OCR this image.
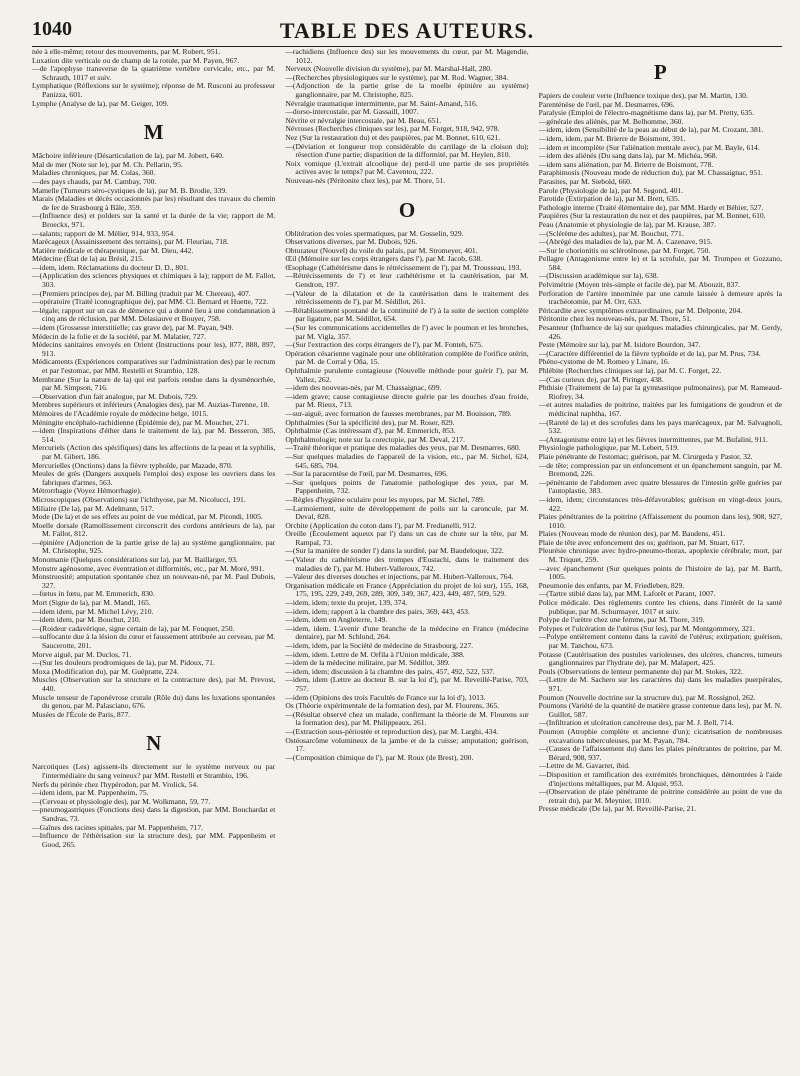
1040	TABLE DES AUTEURS.

née à elle-même; retour des mouvements, par M. Robert, 951.

Luxation dite verticale ou de champ de la rotule, par M. Payen, 967.

—de l'apophyse transverse de la quatrième vertèbre cervicale, etc., par M. Schrauth, 1017 et suiv.

Lymphatique (Réflexions sur le système); réponse de M. Rusconi au professeur Panizza, 601.

Lymphe (Analyse de la), par M. Geiger, 109.

M

Mâchoire inférieure (Désarticulation de la), par M. Jobert, 640.

Mal de mer (Note sur le), par M. Ch. Pellarin, 95.

Maladies chroniques, par M. Colas, 360.

—des pays chauds, par M. Cambay, 700.

Mamelle (Tumeurs séro-cystiques de la), par M. B. Brodie, 339.

Marais (Maladies et décès occasionnés par les) résultant des travaux du chemin de fer de Strasbourg à Bâle, 359.

—(Influence des) et polders sur la santé et la durée de la vie; rapport de M. Broeckx, 971.

—salants; rapport de M. Mélier, 914, 933, 954.

Marécageux (Assainissement des terrains), par M. Fleuriau, 718.

Matière médicale et thérapeutique, par M. Dieu, 442.

Médecine (État de la) au Brésil, 215.

—idem, idem. Réclamations du docteur D. D., 801.

—(Application des sciences physiques et chimiques à la); rapport de M. Fallot, 303.

—(Premiers principes de), par M. Billing (traduit par M. Chereau), 407.

—opératoire (Traité iconographique de), par MM. Cl. Bernard et Huette, 722.

—légale; rapport sur un cas de démence qui a donné lieu à une condamnation à cinq ans de réclusion, par MM. Delasiauve et Bouyer, 758.

—idem (Grossesse interstitielle; cas grave de), par M. Payan, 949.

Médecin de la folie et de la société, par M. Malatier, 727.

Médecins sanitaires envoyés en Orient (Instructions pour les), 877, 888, 897, 913.

Médicaments (Expériences comparatives sur l'administration des) par le rectum et par l'estomac, par MM. Restelli et Strambio, 128.

Membrane (Sur la nature de la) qui est parfois rendue dans la dysménorrhée, par M. Simpson, 716.

—Observation d'un fait analogue, par M. Dubois, 729.

Membres supérieurs et inférieurs (Analogies des), par M. Auzias-Turenne, 18.

Mémoires de l'Académie royale de médecine belge, 1015.

Méningite encéphalo-rachidienne (Épidémie de), par M. Mouchet, 271.

—idem (Inspirations d'éther dans le traitement de la), par M. Besseron, 385, 514.

Mercuriels (Action des spécifiques) dans les affections de la peau et la syphilis, par M. Gibert, 186.

Mercurielles (Onctions) dans la fièvre typhoïde, par Mazade, 870.

Meules de grès (Dangers auxquels l'emploi des) expose les ouvriers dans les fabriques d'armes, 563.

Métrorrhagie (Voyez Hémorrhagie).

Microscopiques (Observations) sur l'ichthyose, par M. Nicolucci, 191.

Miliaire (De la), par M. Adelmann, 517.

Mode (De la) et de ses effets au point de vue médical, par M. Pirondi, 1005.

Moelle dorsale (Ramollissement circonscrit des cordons antérieurs de la), par M. Fallot, 812.

—épinière (Adjonction de la partie grise de la) au système ganglionnaire, par M. Christophe, 925.

Monomanie (Quelques considérations sur la), par M. Baillarger, 93.

Monstre agénosome, avec éventration et difformités, etc., par M. Moré, 991.

Monstruosité; amputation spontanée chez un nouveau-né, par M. Paul Dubois, 327.

—fœtus in fœtu, par M. Emmerich, 830.

Mort (Signe de la), par M. Mandl, 165.

—idem idem, par M. Michel Lévy, 210.

—idem idem, par M. Bouchut, 210.

—(Roideur cadavérique, signe certain de la), par M. Fouquet, 250.

—suffocante due à la lésion du cœur et faussement attribuée au cerveau, par M. Saucerotte, 201.

Morve aiguë, par M. Duclos, 71.

—(Sur les douleurs prodromiques de la), par M. Pidoux, 71.

Moxa (Modification du), par M. Guépratte, 224.

Muscles (Observation sur la structure et la contracture des), par M. Prevost, 440.

Muscle tenseur de l'aponévrose crurale (Rôle du) dans les luxations spontanées du genou, par M. Palasciano, 676.

Musées de l'École de Paris, 877.

N

Narcotiques (Les) agissent-ils directement sur le système nerveux ou par l'intermédiaire du sang veineux? par MM. Restelli et Strambio, 196.

Nerfs du périnée chez l'hypérodon, par M. Vrolick, 54.

—idem idem, par M. Pappenheim, 75.

—(Cerveau et physiologie des), par M. Wolkmann, 59, 77.

—pneumogastriques (Fonctions des) dans la digestion, par MM. Bouchardat et Sandras, 73.

—Gaînes des racines spinales, par M. Pappenheim, 717.

—Influence de l'éthérisation sur la structure des), par MM. Pappenheim et Good, 265.

—rachidiens (Influence des) sur les mouvements du cœur, par M. Magendie, 1012.

Nerveux (Nouvelle division du système), par M. Marshal-Hall, 280.

—(Recherches physiologiques sur le système), par M. Rod. Wagner, 384.

—(Adjonction de la partie grise de la moelle épinière au système) ganglionnaire, par M. Christophe, 825.

Névralgie traumatique intermittente, par M. Saint-Amand, 516.

—dorso-intercostale, par M. Gassaill, 1007.

Névrite et névralgie intercostale, par M. Beau, 651.

Névroses (Recherches cliniques sur les), par M. Forget, 918, 942, 978.

Nez (Sur la restauration du) et des paupières, par M. Bonnet, 610, 621.

—(Déviation et longueur trop considérable du cartilage de la cloison du); résection d'une partie; disparition de la difformité, par M. Heylen, 810.

Noix vomique (L'extrait alcoolique de) perd-il une partie de ses propriétés actives avec le temps? par M. Caventou, 222.

Nouveau-nés (Péritonite chez les), par M. Thore, 51.

O

Oblitération des voies spermatiques, par M. Gosselin, 929.

Observations diverses, par M. Dubois, 926.

Obturateur (Nouvel) du voile du palais, par M. Stromeyer, 401.

Œil (Mémoire sur les corps étrangers dans l'), par M. Jacob, 638.

Œsophage (Cathétérisme dans le rétrécissement de l'), par M. Trousseau, 193.

—Rétrécissements de l') et leur cathétérisme et la cautérisation, par M. Gendron, 197.

—(Valeur de la dilatation et de la cautérisation dans le traitement des rétrécissements de l'), par M. Sédillot, 261.

—Rétablissement spontané de la continuité de l') à la suite de section complète par ligature, par M. Sédillot, 654.

—(Sur les communications accidentelles de l') avec le poumon et les bronches, par M. Vigla, 357.

—(Sur l'extraction des corps étrangers de l'), par M. Fonteh, 675.

Opération césarienne vaginale pour une oblitération complète de l'orifice utérin, par M. de Corral y Oña, 15.

Ophthalmie purulente contagieuse (Nouvelle méthode pour guérir l'), par M. Vallez, 262.

—idem des nouveau-nés, par M. Chassaignac, 699.

—idem grave; cause contagieuse directe guérie par les douches d'eau froide, par M. Rieux, 713.

—sur-aiguë, avec formation de fausses membranes, par M. Bouisson, 789.

Ophthalmies (Sur la spécificité des), par M. Roser, 829.

Ophthalmie (Cas intéressant d'), par M. Emmerich, 853.

Ophthalmologie; note sur la corectopie, par M. Deval, 217.

—Traité théorique et pratique des maladies des yeux, par M. Desmarres, 680.

—Sur quelques maladies de l'appareil de la vision, etc., par M. Sichel, 624, 645, 685, 704.

—Sur la paracentèse de l'œil, par M. Desmarres, 696.

—Sur quelques points de l'anatomie pathologique des yeux, par M. Pappenheim, 732.

—Règles d'hygiène oculaire pour les myopes, par M. Sichel, 789.

—Larmoiement, suite de développement de poils sur la caroncule, par M. Deval, 828.

Orchite (Application du coton dans l'), par M. Fredianelli, 912.

Oreille (Écoulement aqueux par l') dans un cas de chute sur la tête, par M. Rampal, 73.

—(Sur la manière de sonder l') dans la surdité, par M. Baudeloque, 322.

—(Valeur du cathétérisme des trompes d'Eustachi, dans le traitement des maladies de l'), par M. Hubert-Valleroux, 742.

—Valeur des diverses douches et injections, par M. Hubert-Valleroux, 764.

Organisation médicale en France (Appréciation du projet de loi sur), 155, 168, 175, 195, 229, 249, 269, 289, 309, 349, 367, 423, 449, 487, 509, 529.

—idem, idem; texte du projet, 139, 374.

—idem, idem; rapport à la chambre des pairs, 369, 443, 453.

—idem, idem en Angleterre, 149.

—idem, idem. L'avenir d'une branche de la médecine en France (médecine dentaire), par M. Schlund, 264.

—idem, idem, par la Société de médecine de Strasbourg, 227.

—idem, idem. Lettre de M. Orfila à l'Union médicale, 388.

—idem de la médecine militaire, par M. Sédillot, 389.

—idem, idem; discussion à la chambre des pairs, 457, 492, 522, 537.

—idem, idem (Lettre au docteur B. sur la loi d'), par M. Reveillé-Parise, 703, 757.

—idem (Opinions des trois Facultés de France sur la loi d'), 1013.

Os (Théorie expérimentale de la formation des), par M. Flourens, 365.

—(Résultat observé chez un malade, confirmant la théorie de M. Flourens sur la formation des), par M. Philippeaux, 261.

—(Extraction sous-périostée et reproduction des), par M. Larghi, 434.

Ostéosarcôme volumineux de la jambe et de la cuisse; amputation; guérison, 17.

—(Composition chimique de l'), par M. Roux (de Brest), 200.

P

Papiers de couleur verte (Influence toxique des), par M. Martin, 130.

Parenténèse de l'œil, par M. Desmarres, 696.

Paralysie (Emploi de l'électro-magnétisme dans la), par M. Pretty, 635.

—générale des aliénés, par M. Belhomme, 360.

—idem, idem (Sensibilité de la peau au début de la), par M. Crozant, 381.

—idem, idem, par M. Brierre de Boismont, 391.

—idem et incomplète (Sur l'aliénation mentale avec), par M. Bayle, 614.

—idem des aliénés (Du sang dans la), par M. Michéa, 968.

—idem sans aliénation, par M. Brierre de Boismont, 778.

Paraphimosis (Nouveau mode de réduction du), par M. Chassaignac, 951.

Parasites, par M. Siebold, 660.

Parole (Physiologie de la), par M. Segond, 401.

Parotide (Extirpation de la), par M. Brett, 635.

Pathologie interne (Traité élémentaire de), par MM. Hardy et Béhier, 527.

Paupières (Sur la restauration du nez et des paupières, par M. Bonnet, 610.

Peau (Anatomie et physiologie de la), par M. Krause, 387.

—(Sclérème des adultes), par M. Bouchut, 771.

—(Abrégé des maladies de la), par M. A. Cazenave, 915.

—Sur le chorionitis ou sclérotènose, par M. Forget, 750.

Pellagre (Antagonisme entre le) et la scrofule, par M. Trompeo et Gozzano, 584.

—(Discussion académique sur la), 638.

Pelvimétrie (Moyen très-simple et facile de), par M. Abouzit, 837.

Perforation de l'artère innominée par une canule laissée à demeure après la trachéotomie, par M. Orr, 633.

Péricardite avec symptômes extraordinaires, par M. Delponte, 204.

Péritonite chez les nouveau-nés, par M. Thore, 51.

Pesanteur (Influence de la) sur quelques maladies chirurgicales, par M. Gerdy, 426.

Peste (Mémoire sur la), par M. Isidore Bourdon, 347.

—(Caractère différentiel de la fièvre typhoïde et de la), par M. Prus, 734.

Phéno-cystome de M. Romeo y Linare, 16.

Phlébite (Recherches cliniques sur la), par M. C. Forget, 22.

—(Cas curieux de), par M. Piringer, 438.

Phthisie (Traitement de la) par la gymnastique pulmonaires), par M. Rameaud-Riofrey, 34.

—et autres maladies de poitrine, traitées par les fumigations de goudron et de médicinal naphtha, 167.

—(Rareté de la) et des scrofules dans les pays marécageux, par M. Salvagnoli, 532.

—(Antagonisme entre la) et les fièvres intermittentes, par M. Bufalini, 911.

Physiologie pathologique, par M. Lebert, 519.

Plaie pénétrante de l'estomac; guérison, par M. Cirurgeda y Pastor, 32.

—de tête; compression par un enfoncement et un épanchement sanguin, par M. Bremond, 226.

—pénétrante de l'abdomen avec quatre blessures de l'intestin grêle guéries par l'autoplastie, 383.

—idem, idem; circonstances très-défavorables; guérison en vingt-deux jours, 422.

Plaies pénétrantes de la poitrine (Affaissement du poumon dans les), 908, 927, 1010.

Plaies (Nouveau mode de réunion des), par M. Baudens, 451.

Plaie de tête avec enfoncement des os; guérison, par M. Stuart, 617.

Pleurésie chronique avec hydro-pneumo-thorax, apoplexie cérébrale; mort, par M. Triquet, 259.

—avec épanchement (Sur quelques points de l'histoire de la), par M. Barth, 1005.

Pneumonie des enfants, par M. Friedleben, 829.

—(Tartre stibié dans la), par MM. Laforêt et Parant, 1007.

Police médicale. Des règlements contre les chiens, dans l'intérêt de la santé publique, par M. Schurmayer, 1017 et suiv.

Polype de l'urètre chez une femme, par M. Thore, 319.

Polypes et l'ulcération de l'utérus (Sur les), par M. Montgommery, 321.

—Polype entièrement contenu dans la cavité de l'utérus; extirpation; guérison, par M. Tanchou, 673.

Potasse (Cautérisation des pustules varioleuses, des ulcères, chancres, tumeurs ganglionnaires par l'hydrate de), par M. Malapert, 425.

Pouls (Observations de lenteur permanente du) par M. Stokes, 322.

—(Lettre de M. Sachero sur les caractères du) dans les maladies puerpérales, 971.

Poumon (Nouvelle doctrine sur la structure du), par M. Rossignol, 262.

Poumons (Variété de la quantité de matière grasse contenue dans les), par M. N. Guillot, 587.

—(Infiltration et ulcération cancéreuse des), par M. J. Bell, 714.

Poumon (Atrophie complète et ancienne d'un); cicatrisation de nombreuses excavations tuberculeuses, par M. Payan, 784.

—(Causes de l'affaissement du) dans les plaies pénétrantes de poitrine, par M. Bérard, 908, 937.

—Lettre de M. Gavarret, ibid.

—Disposition et ramification des extrémités bronchiques, démontrées à l'aide d'injections métalliques, par M. Alquié, 953.

—(Observation de plaie pénétrante de poitrine considérée au point de vue du retrait du), par M. Meynier, 1010.

Presse médicale (De la), par M. Reveillé-Parise, 21.
